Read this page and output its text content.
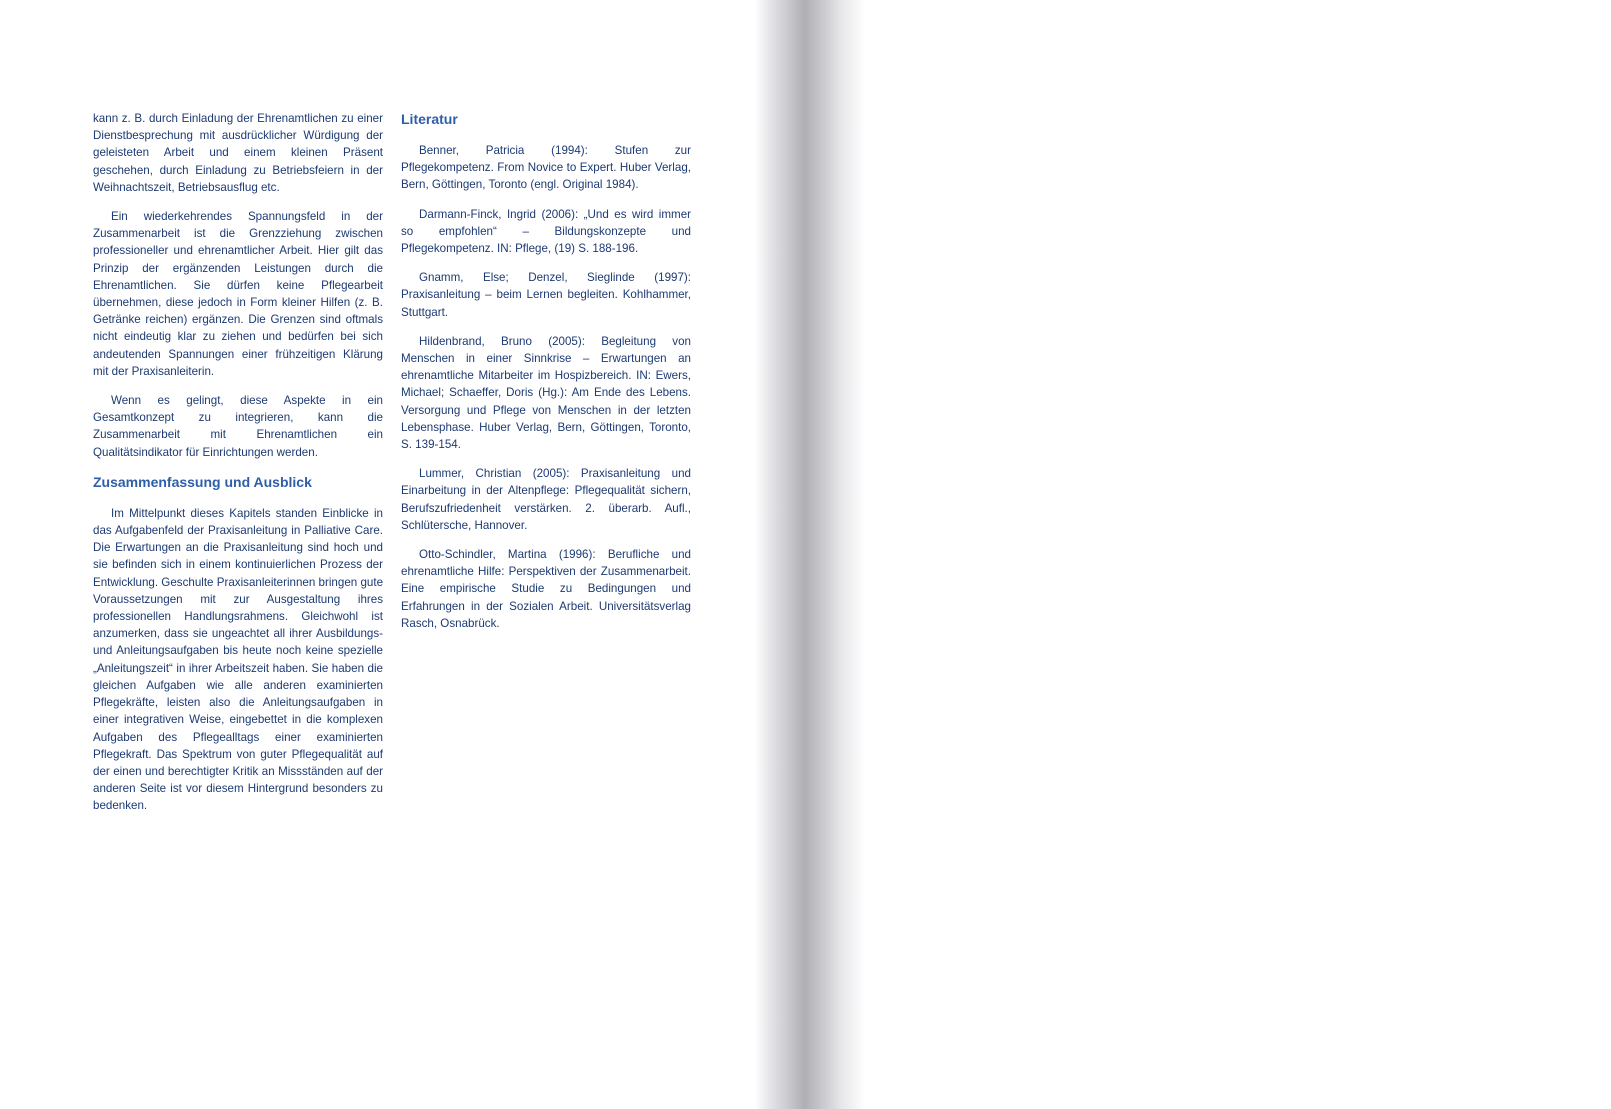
kann z. B. durch Einladung der Ehrenamtlichen zu einer Dienstbesprechung mit ausdrücklicher Würdigung der geleisteten Arbeit und einem kleinen Präsent geschehen, durch Einladung zu Betriebsfeiern in der Weihnachtszeit, Betriebsausflug etc.

Ein wiederkehrendes Spannungsfeld in der Zusammenarbeit ist die Grenzziehung zwischen professioneller und ehrenamtlicher Arbeit. Hier gilt das Prinzip der ergänzenden Leistungen durch die Ehrenamtlichen. Sie dürfen keine Pflegearbeit übernehmen, diese jedoch in Form kleiner Hilfen (z. B. Getränke reichen) ergänzen. Die Grenzen sind oftmals nicht eindeutig klar zu ziehen und bedürfen bei sich andeutenden Spannungen einer frühzeitigen Klärung mit der Praxisanleiterin.

Wenn es gelingt, diese Aspekte in ein Gesamtkonzept zu integrieren, kann die Zusammenarbeit mit Ehrenamtlichen ein Qualitätsindikator für Einrichtungen werden.

Zusammenfassung und Ausblick

Im Mittelpunkt dieses Kapitels standen Einblicke in das Aufgabenfeld der Praxisanleitung in Palliative Care. Die Erwartungen an die Praxisanleitung sind hoch und sie befinden sich in einem kontinuierlichen Prozess der Entwicklung. Geschulte Praxisanleiterinnen bringen gute Voraussetzungen mit zur Ausgestaltung ihres professionellen Handlungsrahmens. Gleichwohl ist anzumerken, dass sie ungeachtet all ihrer Ausbildungs- und Anleitungsaufgaben bis heute noch keine spezielle „Anleitungszeit“ in ihrer Arbeitszeit haben. Sie haben die gleichen Aufgaben wie alle anderen examinierten Pflegekräfte, leisten also die Anleitungsaufgaben in einer integrativen Weise, eingebettet in die komplexen Aufgaben des Pflegealltags einer examinierten Pflegekraft. Das Spektrum von guter Pflegequalität auf der einen und berechtigter Kritik an Missständen auf der anderen Seite ist vor diesem Hintergrund besonders zu bedenken.

Literatur

Benner, Patricia (1994): Stufen zur Pflegekompetenz. From Novice to Expert. Huber Verlag, Bern, Göttingen, Toronto (engl. Original 1984).

Darmann-Finck, Ingrid (2006): „Und es wird immer so empfohlen“ – Bildungskonzepte und Pflegekompetenz. IN: Pflege, (19) S. 188-196.

Gnamm, Else; Denzel, Sieglinde (1997): Praxisanleitung – beim Lernen begleiten. Kohlhammer, Stuttgart.

Hildenbrand, Bruno (2005): Begleitung von Menschen in einer Sinnkrise – Erwartungen an ehrenamtliche Mitarbeiter im Hospizbereich. IN: Ewers, Michael; Schaeffer, Doris (Hg.): Am Ende des Lebens. Versorgung und Pflege von Menschen in der letzten Lebensphase. Huber Verlag, Bern, Göttingen, Toronto, S. 139-154.

Lummer, Christian (2005): Praxisanleitung und Einarbeitung in der Altenpflege: Pflegequalität sichern, Berufszufriedenheit verstärken. 2. überarb. Aufl., Schlütersche, Hannover.

Otto-Schindler, Martina (1996): Berufliche und ehrenamtliche Hilfe: Perspektiven der Zusammenarbeit. Eine empirische Studie zu Bedingungen und Erfahrungen in der Sozialen Arbeit. Universitätsverlag Rasch, Osnabrück.
